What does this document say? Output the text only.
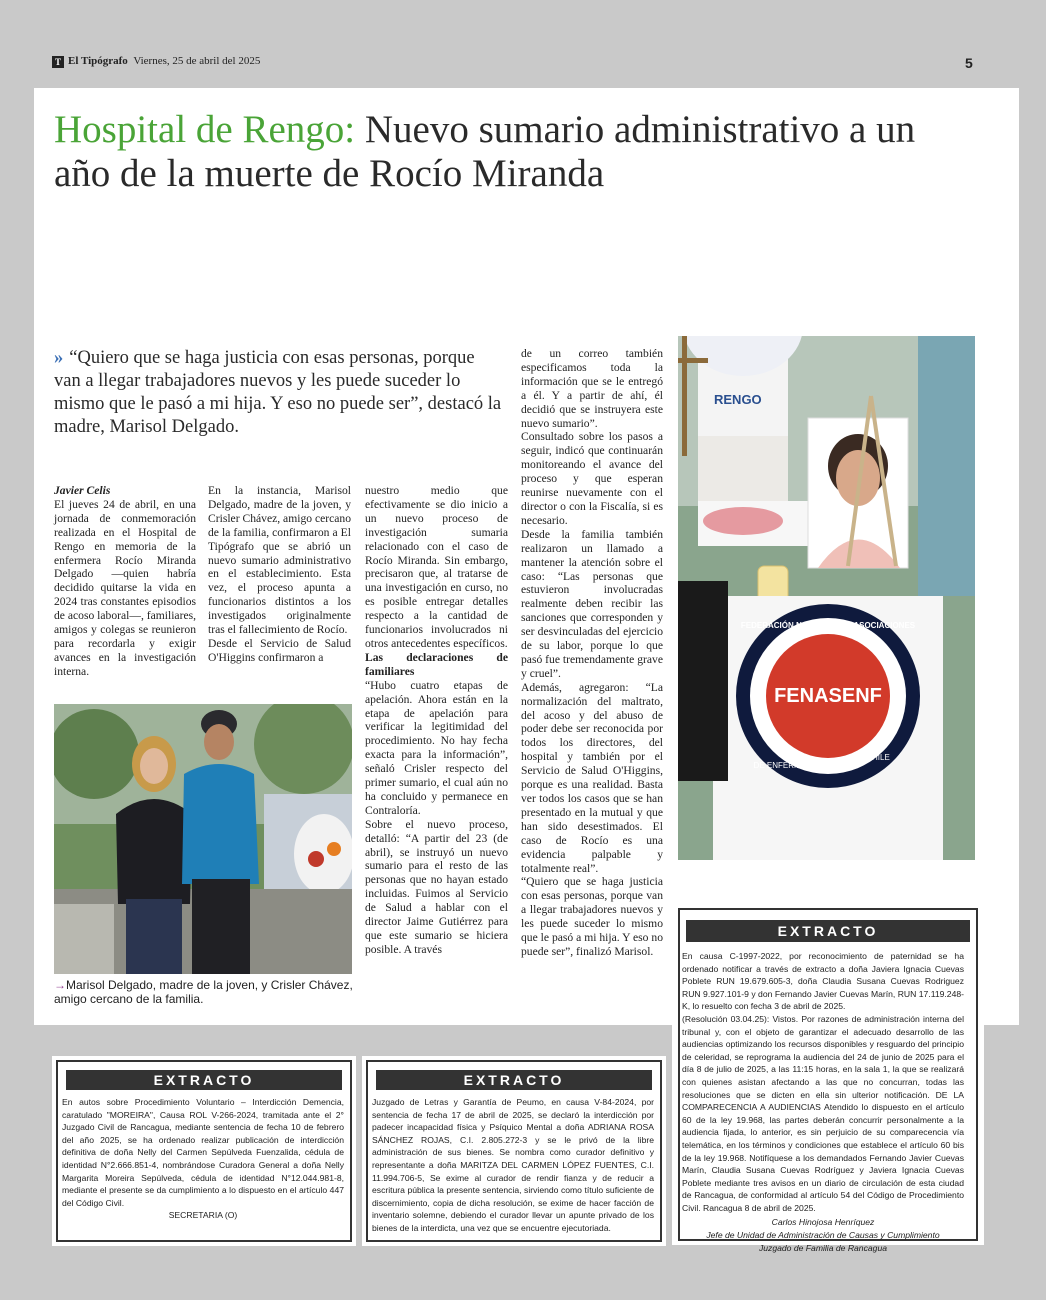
T El Tipógrafo Viernes, 25 de abril del 2025	5
Hospital de Rengo: Nuevo sumario administrativo a un año de la muerte de Rocío Miranda
» “Quiero que se haga justicia con esas personas, porque van a llegar trabajadores nuevos y les puede suceder lo mismo que le pasó a mi hija. Y eso no puede ser”, destacó la madre, Marisol Delgado.

Javier Celis

El jueves 24 de abril, en una jornada de conmemoración realizada en el Hospital de Rengo en memoria de la enfermera Rocío Miranda Delgado —quien habría decidido quitarse la vida en 2024 tras constantes episodios de acoso laboral—, familiares, amigos y colegas se reunieron para recordarla y exigir avances en la investigación interna.

En la instancia, Marisol Delgado, madre de la joven, y Crisler Chávez, amigo cercano de la familia, confirmaron a El Tipógrafo que se abrió un nuevo sumario administrativo en el establecimiento. Esta vez, el proceso apunta a funcionarios distintos a los investigados originalmente tras el fallecimiento de Rocío.

Desde el Servicio de Salud O'Higgins confirmaron a

nuestro medio que efectivamente se dio inicio a un nuevo proceso de investigación sumaria relacionado con el caso de Rocío Miranda. Sin embargo, precisaron que, al tratarse de una investigación en curso, no es posible entregar detalles respecto a la cantidad de funcionarios involucrados ni otros antecedentes específicos.

Las declaraciones de familiares

“Hubo cuatro etapas de apelación. Ahora están en la etapa de apelación para verificar la legitimidad del procedimiento. No hay fecha exacta para la información”, señaló Crisler respecto del primer sumario, el cual aún no ha concluido y permanece en Contraloría.

Sobre el nuevo proceso, detalló: “A partir del 23 (de abril), se instruyó un nuevo sumario para el resto de las personas que no hayan estado incluidas. Fuimos al Servicio de Salud a hablar con el director Jaime Gutiérrez para que este sumario se hiciera posible. A través

de un correo también especificamos toda la información que se le entregó a él. Y a partir de ahí, él decidió que se instruyera este nuevo sumario”.

Consultado sobre los pasos a seguir, indicó que continuarán monitoreando el avance del proceso y que esperan reunirse nuevamente con el director o con la Fiscalía, si es necesario.

Desde la familia también realizaron un llamado a mantener la atención sobre el caso: “Las personas que estuvieron involucradas realmente deben recibir las sanciones que corresponden y ser desvinculadas del ejercicio de su labor, porque lo que pasó fue tremendamente grave y cruel”.

Además, agregaron: “La normalización del maltrato, del acoso y del abuso de poder debe ser reconocida por todos los directores, del hospital y también por el Servicio de Salud O'Higgins, porque es una realidad. Basta ver todos los casos que se han presentado en la mutual y que han sido desestimados. El caso de Rocío es una evidencia palpable y totalmente real”.

“Quiero que se haga justicia con esas personas, porque van a llegar trabajadores nuevos y les puede suceder lo mismo que le pasó a mi hija. Y eso no puede ser”, finalizó Marisol.

→Marisol Delgado, madre de la joven, y Crisler Chávez, amigo cercano de la familia.
RENGO
FEDERACIÓN NACIONAL DE ASOCIACIONES
FENASENF
DE ENFERMERAS
CHILE
EXTRACTO

En causa C-1997-2022, por reconocimiento de paternidad se ha ordenado notificar a través de extracto a doña Javiera Ignacia Cuevas Poblete RUN 19.679.605-3, doña Claudia Susana Cuevas Rodriguez RUN 9.927.101-9 y don Fernando Javier Cuevas Marín, RUN 17.119.248-K, lo resuelto con fecha 3 de abril de 2025.

(Resolución 03.04.25): Vistos. Por razones de administración interna del tribunal y, con el objeto de garantizar el adecuado desarrollo de las audiencias optimizando los recursos disponibles y resguardo del principio de celeridad, se reprograma la audiencia del 24 de junio de 2025 para el día 8 de julio de 2025, a las 11:15 horas, en la sala 1, la que se realizará con quienes asistan afectando a las que no concurran, todas las resoluciones que se dicten en ella sin ulterior notificación. DE LA COMPARECENCIA A AUDIENCIAS Atendido lo dispuesto en el artículo 60 de la ley 19.968, las partes deberán concurrir personalmente a la audiencia fijada, lo anterior, es sin perjuicio de su comparecencia vía telemática, en los términos y condiciones que establece el artículo 60 bis de la ley 19.968. Notifíquese a los demandados Fernando Javier Cuevas Marín, Claudia Susana Cuevas Rodríguez y Javiera Ignacia Cuevas Poblete mediante tres avisos en un diario de circulación de esta ciudad de Rancagua, de conformidad al artículo 54 del Código de Procedimiento Civil. Rancagua 8 de abril de 2025.

Carlos Hinojosa Henríquez

Jefe de Unidad de Administración de Causas y Cumplimiento

Juzgado de Familia de Rancagua

EXTRACTO

En autos sobre Procedimiento Voluntario – Interdicción Demencia, caratulado "MOREIRA", Causa ROL V-266-2024, tramitada ante el 2° Juzgado Civil de Rancagua, mediante sentencia de fecha 10 de febrero del año 2025, se ha ordenado realizar publicación de interdicción definitiva de doña Nelly del Carmen Sepúlveda Fuenzalida, cédula de identidad N°2.666.851-4, nombrándose Curadora General a doña Nelly Margarita Moreira Sepúlveda, cédula de identidad N°12.044.981-8, mediante el presente se da cumplimiento a lo dispuesto en el artículo 447 del Código Civil.

SECRETARIA (O)

EXTRACTO

Juzgado de Letras y Garantía de Peumo, en causa V-84-2024, por sentencia de fecha 17 de abril de 2025, se declaró la interdicción por padecer incapacidad física y Psíquico Mental a doña ADRIANA ROSA SÁNCHEZ ROJAS, C.I. 2.805.272-3 y se le privó de la libre administración de sus bienes. Se nombra como curador definitivo y representante a doña MARITZA DEL CARMEN LÓPEZ FUENTES, C.I. 11.994.706-5, Se exime al curador de rendir fianza y de reducir a escritura pública la presente sentencia, sirviendo como título suficiente de discernimiento, copia de dicha resolución, se exime de hacer facción de inventario solemne, debiendo el curador llevar un apunte privado de los bienes de la interdicta, una vez que se encuentre ejecutoriada.
